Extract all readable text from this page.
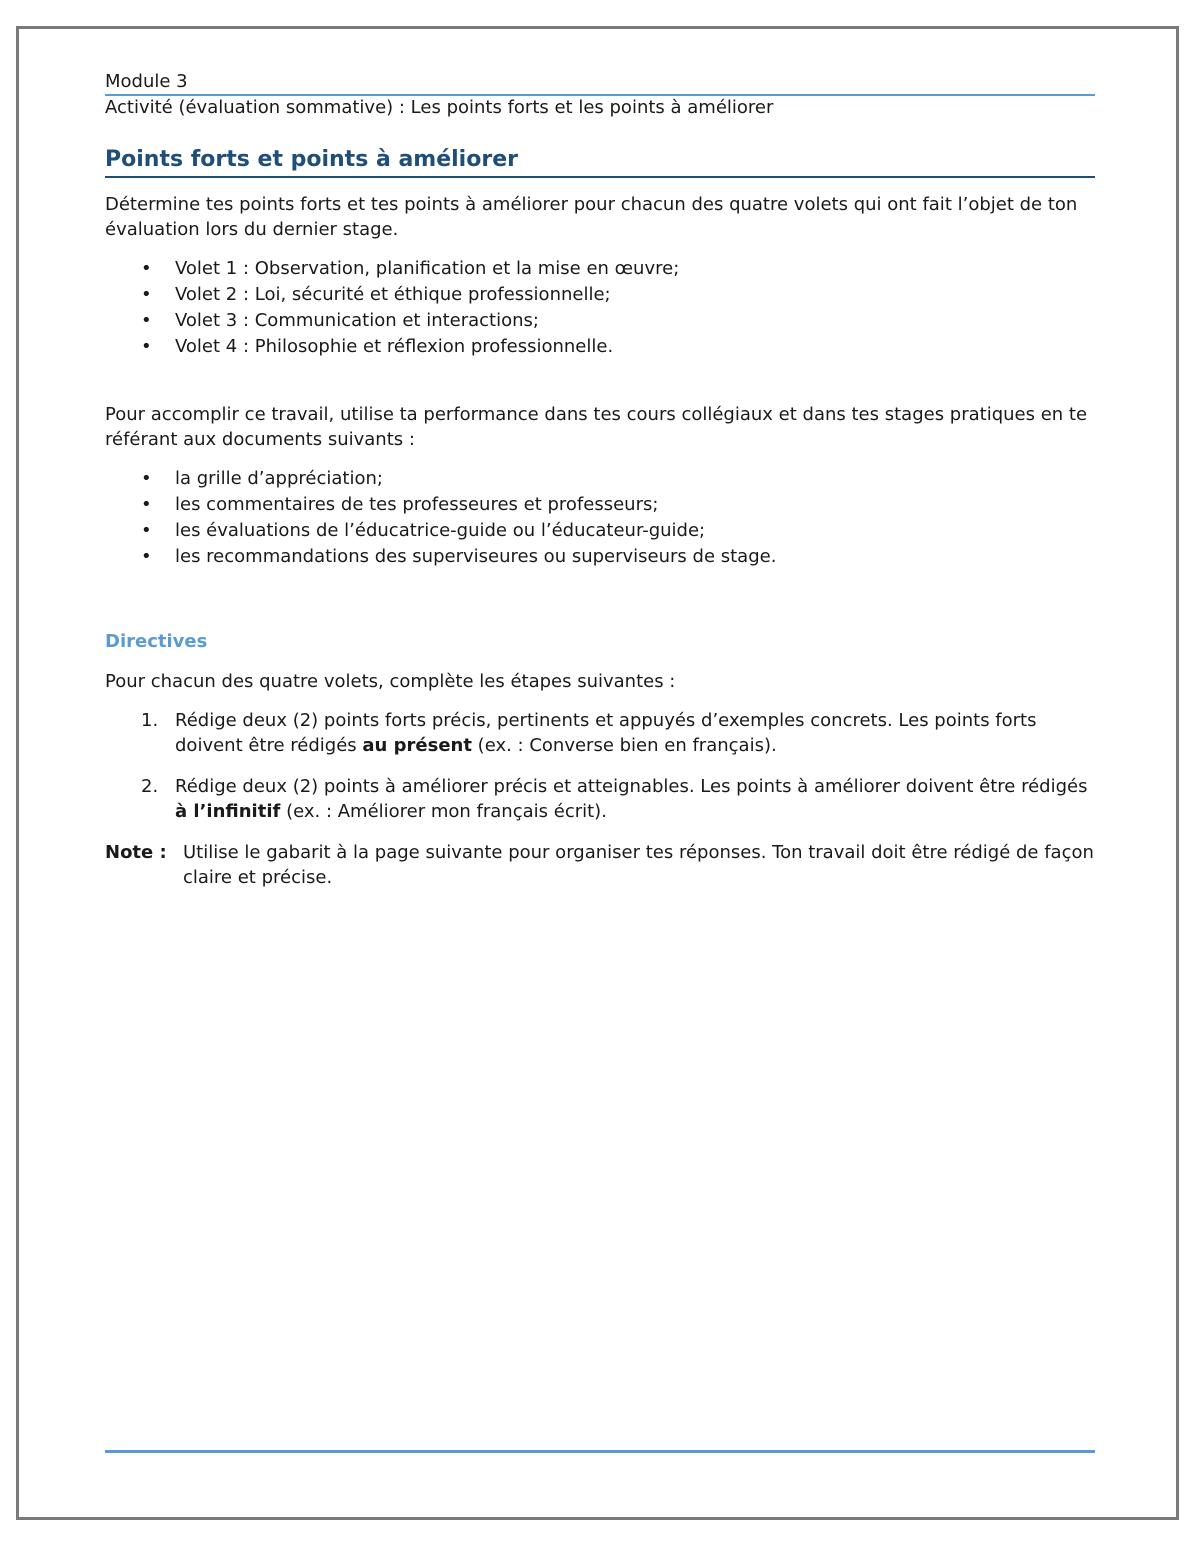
Module 3

Activité (évaluation sommative) : Les points forts et les points à améliorer

Points forts et points à améliorer

Détermine tes points forts et tes points à améliorer pour chacun des quatre volets qui ont fait l’objet de ton évaluation lors du dernier stage.

• Volet 1 : Observation, planification et la mise en œuvre;
• Volet 2 : Loi, sécurité et éthique professionnelle;
• Volet 3 : Communication et interactions;
• Volet 4 : Philosophie et réflexion professionnelle.

Pour accomplir ce travail, utilise ta performance dans tes cours collégiaux et dans tes stages pratiques en te référant aux documents suivants :

• la grille d’appréciation;
• les commentaires de tes professeures et professeurs;
• les évaluations de l’éducatrice-guide ou l’éducateur-guide;
• les recommandations des superviseures ou superviseurs de stage.
Directives

Pour chacun des quatre volets, complète les étapes suivantes :

1. Rédige deux (2) points forts précis, pertinents et appuyés d’exemples concrets. Les points forts doivent être rédigés au présent (ex. : Converse bien en français).
2. Rédige deux (2) points à améliorer précis et atteignables. Les points à améliorer doivent être rédigés à l’infinitif (ex. : Améliorer mon français écrit).

Note : Utilise le gabarit à la page suivante pour organiser tes réponses. Ton travail doit être rédigé de façon claire et précise.
